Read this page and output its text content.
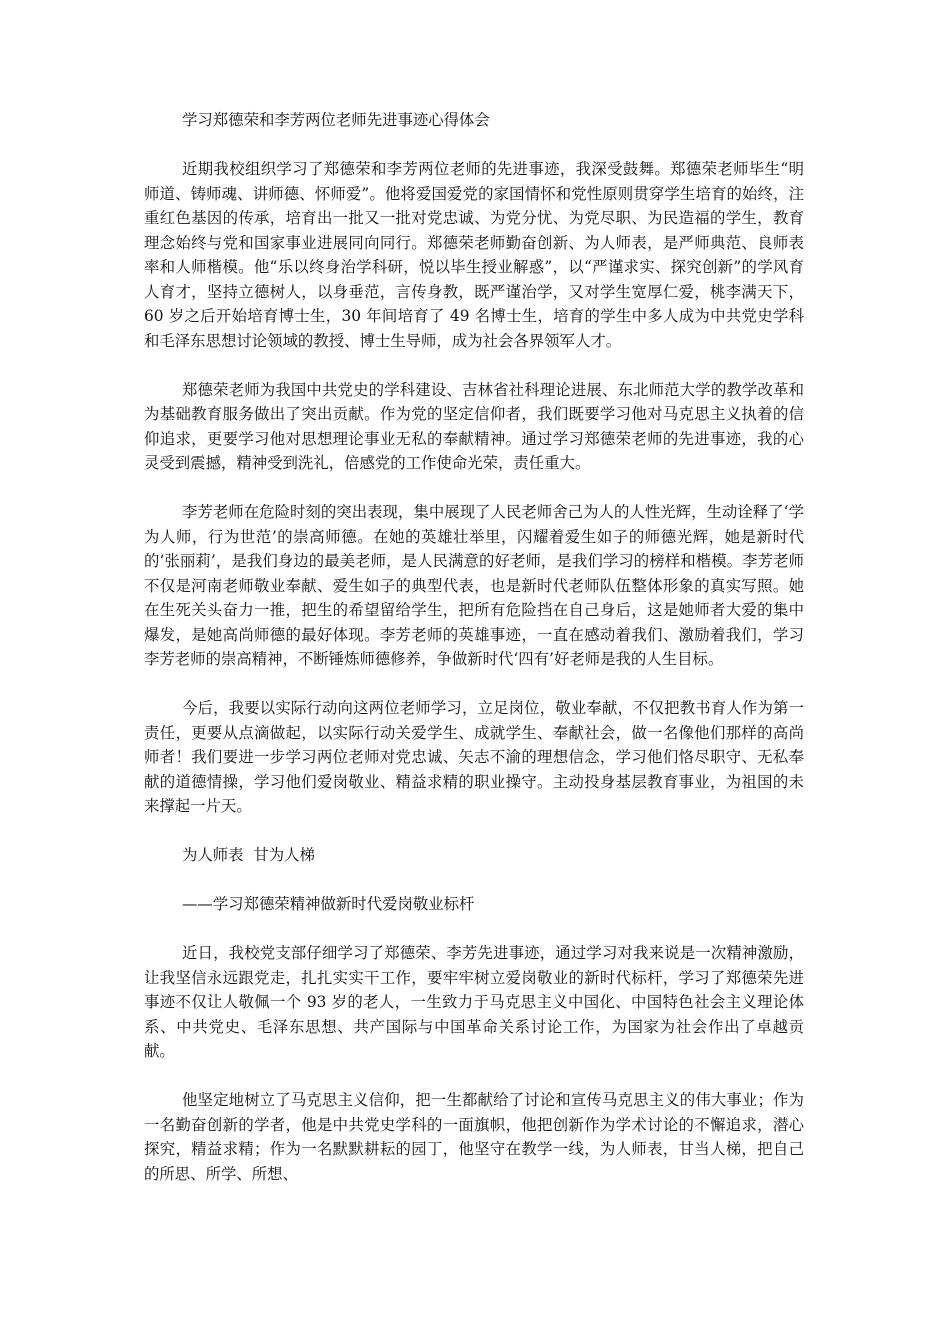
学习郑德荣和李芳两位老师先进事迹心得体会

近期我校组织学习了郑德荣和李芳两位老师的先进事迹，我深受鼓舞。郑德荣老师毕生“明师道、铸师魂、讲师德、怀师爱”。他将爱国爱党的家国情怀和党性原则贯穿学生培育的始终，注重红色基因的传承，培育出一批又一批对党忠诚、为党分忧、为党尽职、为民造福的学生，教育理念始终与党和国家事业进展同向同行。郑德荣老师勤奋创新、为人师表，是严师典范、良师表率和人师楷模。他“乐以终身治学科研，悦以毕生授业解惑”，以“严谨求实、探究创新”的学风育人育才，坚持立德树人，以身垂范，言传身教，既严谨治学，又对学生宽厚仁爱，桃李满天下，60 岁之后开始培育博士生，30 年间培育了 49 名博士生，培育的学生中多人成为中共党史学科和毛泽东思想讨论领域的教授、博士生导师，成为社会各界领军人才。

郑德荣老师为我国中共党史的学科建设、吉林省社科理论进展、东北师范大学的教学改革和为基础教育服务做出了突出贡献。作为党的坚定信仰者，我们既要学习他对马克思主义执着的信仰追求，更要学习他对思想理论事业无私的奉献精神。通过学习郑德荣老师的先进事迹，我的心灵受到震撼，精神受到洗礼，倍感党的工作使命光荣，责任重大。

李芳老师在危险时刻的突出表现，集中展现了人民老师舍己为人的人性光辉，生动诠释了‘学为人师，行为世范’的崇高师德。在她的英雄壮举里，闪耀着爱生如子的师德光辉，她是新时代的‘张丽莉’，是我们身边的最美老师，是人民满意的好老师，是我们学习的榜样和楷模。李芳老师不仅是河南老师敬业奉献、爱生如子的典型代表，也是新时代老师队伍整体形象的真实写照。她在生死关头奋力一推，把生的希望留给学生，把所有危险挡在自己身后，这是她师者大爱的集中爆发，是她高尚师德的最好体现。李芳老师的英雄事迹，一直在感动着我们、激励着我们，学习李芳老师的崇高精神，不断锤炼师德修养，争做新时代‘四有’好老师是我的人生目标。

今后，我要以实际行动向这两位老师学习，立足岗位，敬业奉献，不仅把教书育人作为第一责任，更要从点滴做起，以实际行动关爱学生、成就学生、奉献社会，做一名像他们那样的高尚师者！我们要进一步学习两位老师对党忠诚、矢志不渝的理想信念，学习他们恪尽职守、无私奉献的道德情操，学习他们爱岗敬业、精益求精的职业操守。主动投身基层教育事业，为祖国的未来撑起一片天。

为人师表  甘为人梯

——学习郑德荣精神做新时代爱岗敬业标杆

近日，我校党支部仔细学习了郑德荣、李芳先进事迹，通过学习对我来说是一次精神激励，让我坚信永远跟党走，扎扎实实干工作，要牢牢树立爱岗敬业的新时代标杆，学习了郑德荣先进事迹不仅让人敬佩一个 93 岁的老人，一生致力于马克思主义中国化、中国特色社会主义理论体系、中共党史、毛泽东思想、共产国际与中国革命关系讨论工作，为国家为社会作出了卓越贡献。

他坚定地树立了马克思主义信仰，把一生都献给了讨论和宣传马克思主义的伟大事业；作为一名勤奋创新的学者，他是中共党史学科的一面旗帜，他把创新作为学术讨论的不懈追求，潜心探究，精益求精；作为一名默默耕耘的园丁，他坚守在教学一线，为人师表，甘当人梯，把自己的所思、所学、所想、
